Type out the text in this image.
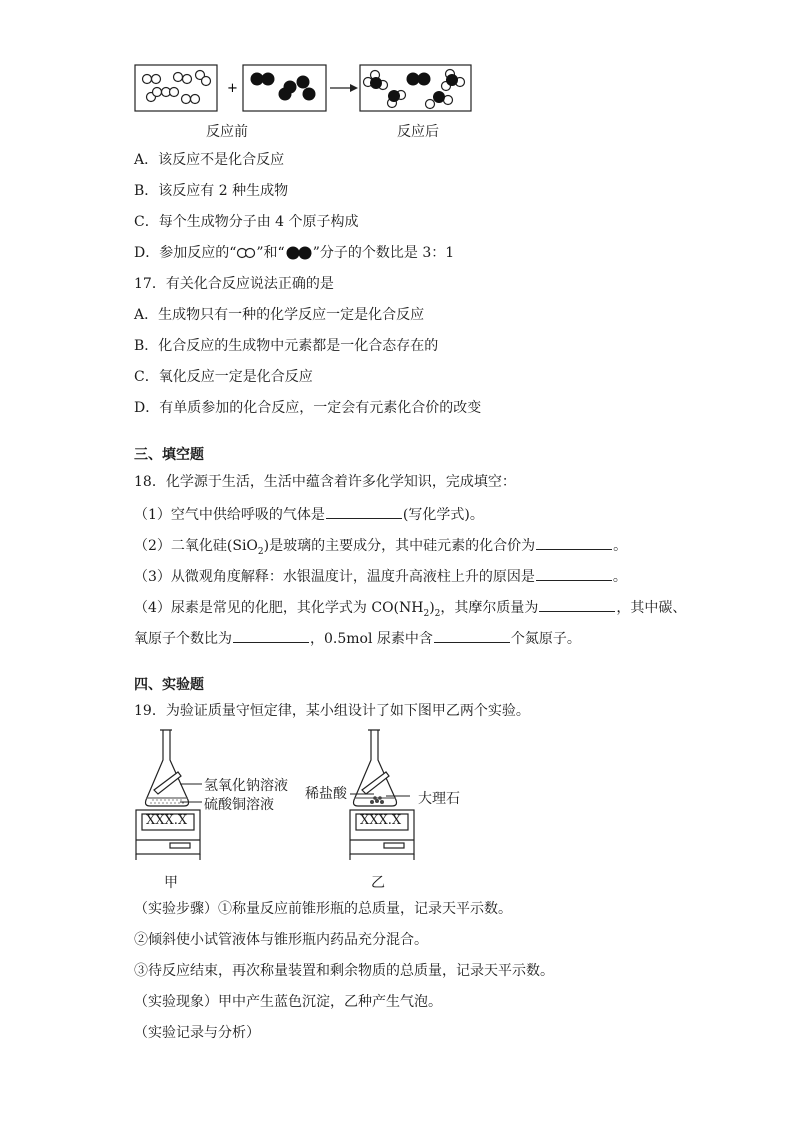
+
反应前	反应后
A．该反应不是化合反应
B．该反应有 2 种生成物
C．每个生成物分子由 4 个原子构成
D．参加反应的“ ”和“ ”分子的个数比是 3：1
17．有关化合反应说法正确的是
A．生成物只有一种的化学反应一定是化合反应
B．化合反应的生成物中元素都是一化合态存在的
C．氧化反应一定是化合反应
D．有单质参加的化合反应，一定会有元素化合价的改变
三、填空题
18．化学源于生活，生活中蕴含着许多化学知识，完成填空：
（1）空气中供给呼吸的气体是	(写化学式)。
（2）二氧化硅(SiO$_2$)是玻璃的主要成分，其中硅元素的化合价为	。
（3）从微观角度解释：水银温度计，温度升高液柱上升的原因是	。
（4）尿素是常见的化肥，其化学式为 $CO(NH_2)_2$，其摩尔质量为	，其中碳、
氧原子个数比为	，0.5mol 尿素中含	个氮原子。
四、实验题
19．为验证质量守恒定律，某小组设计了如下图甲乙两个实验。
XXX.X	XXX.X
氢氧化钠溶液
硫酸铜溶液
稀盐酸	大理石
甲	乙
（实验步骤）①称量反应前锥形瓶的总质量，记录天平示数。
②倾斜使小试管液体与锥形瓶内药品充分混合。
③待反应结束，再次称量装置和剩余物质的总质量，记录天平示数。
（实验现象）甲中产生蓝色沉淀，乙种产生气泡。
（实验记录与分析）
